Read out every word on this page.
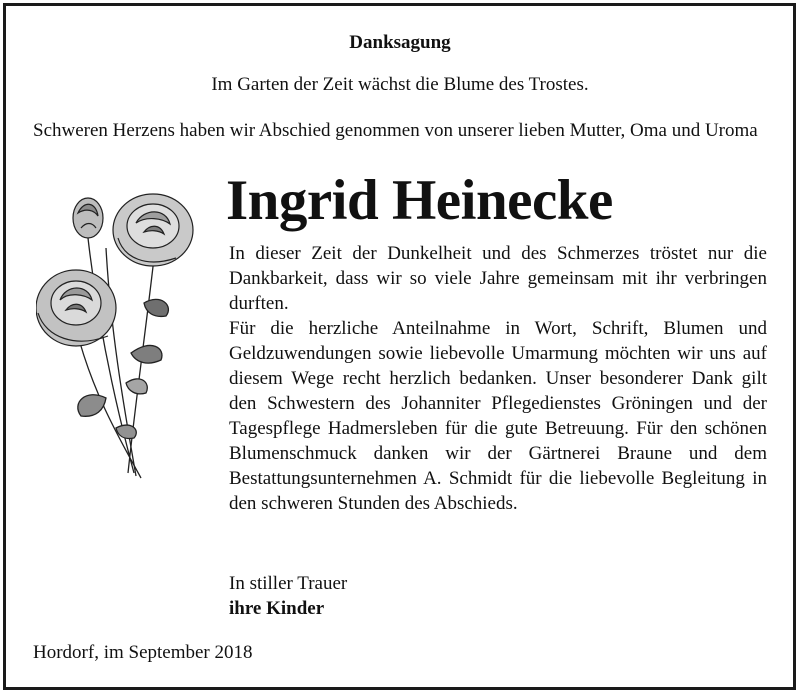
Danksagung
Im Garten der Zeit wächst die Blume des Trostes.
Schweren Herzens haben wir Abschied genommen von unserer lieben Mutter, Oma und Uroma
Ingrid Heinecke

In dieser Zeit der Dunkelheit und des Schmerzes tröstet nur die Dankbarkeit, dass wir so viele Jahre gemeinsam mit ihr verbringen durften.

Für die herzliche Anteilnahme in Wort, Schrift, Blumen und Geldzuwendungen sowie liebevolle Umarmung möchten wir uns auf diesem Wege recht herzlich bedanken. Unser besonderer Dank gilt den Schwestern des Johanniter Pflegedienstes Gröningen und der Tagespflege Hadmersleben für die gute Betreuung. Für den schönen Blumenschmuck danken wir der Gärtnerei Braune und dem Bestattungsunternehmen A. Schmidt für die liebevolle Begleitung in den schweren Stunden des Abschieds.

In stiller Trauer
ihre Kinder
Hordorf, im September 2018
